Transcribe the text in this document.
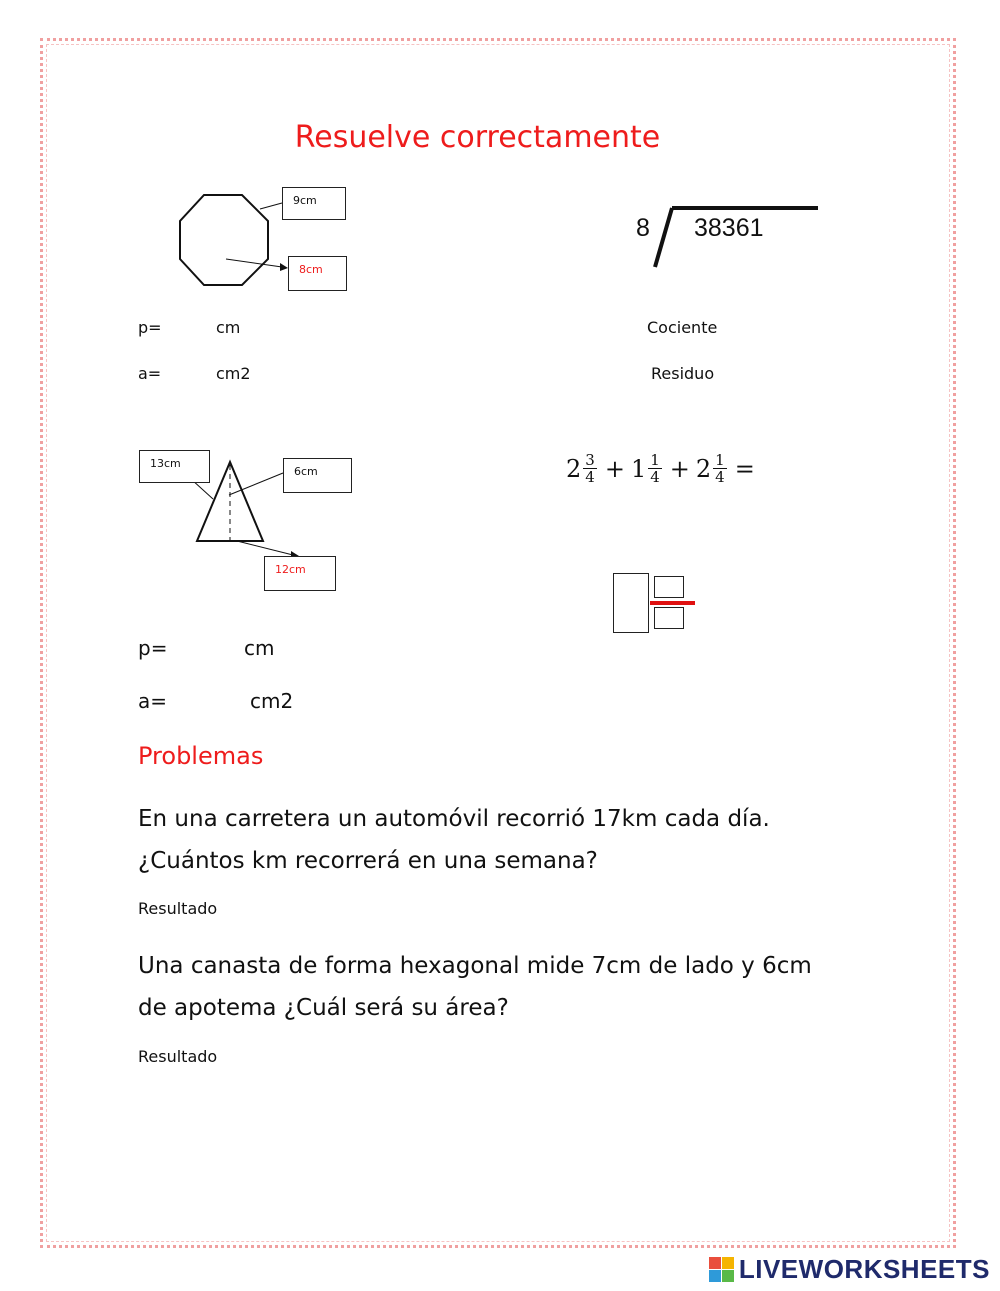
Resuelve correctamente
9cm
8cm
p=	cm
a=	cm2
8 38361
Cociente
Residuo
13cm
6cm
12cm
$2 \frac{3}{4} + 1 \frac{1}{4} + 2 \frac{1}{4}$ =
p=	cm
a=	cm2
Problemas
En una carretera un automóvil recorrió 17km cada día.
¿Cuántos km recorrerá en una semana?
Resultado
Una canasta de forma hexagonal mide 7cm de lado y 6cm
de apotema ¿Cuál será su área?
Resultado
LIVEWORKSHEETS
